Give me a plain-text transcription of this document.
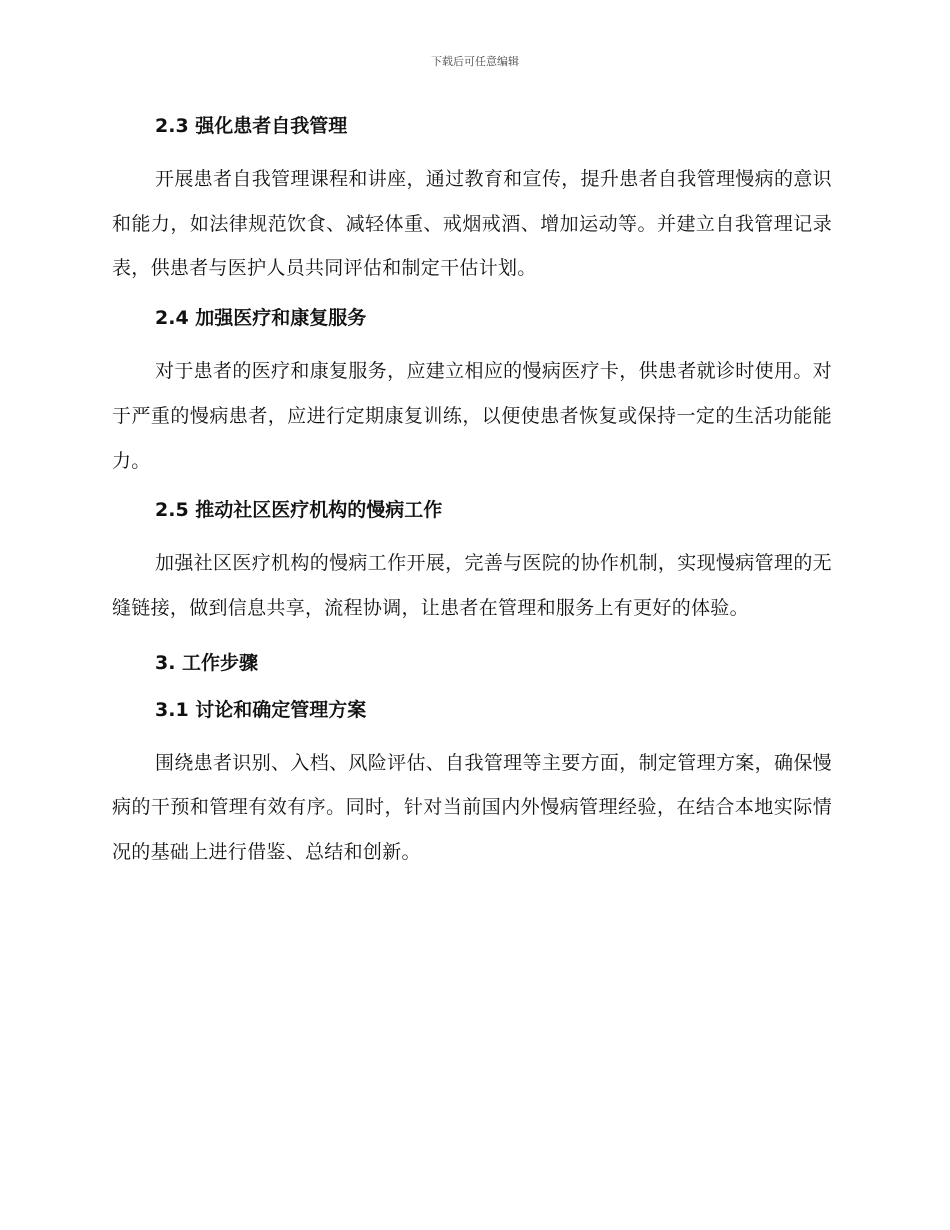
下载后可任意编辑
2.3 强化患者自我管理

开展患者自我管理课程和讲座，通过教育和宣传，提升患者自我管理慢病的意识和能力，如法律规范饮食、减轻体重、戒烟戒酒、增加运动等。并建立自我管理记录表，供患者与医护人员共同评估和制定干估计划。

2.4 加强医疗和康复服务

对于患者的医疗和康复服务，应建立相应的慢病医疗卡，供患者就诊时使用。对于严重的慢病患者，应进行定期康复训练，以便使患者恢复或保持一定的生活功能能力。

2.5 推动社区医疗机构的慢病工作

加强社区医疗机构的慢病工作开展，完善与医院的协作机制，实现慢病管理的无缝链接，做到信息共享，流程协调，让患者在管理和服务上有更好的体验。

3. 工作步骤
3.1 讨论和确定管理方案

围绕患者识别、入档、风险评估、自我管理等主要方面，制定管理方案，确保慢病的干预和管理有效有序。同时，针对当前国内外慢病管理经验，在结合本地实际情况的基础上进行借鉴、总结和创新。
